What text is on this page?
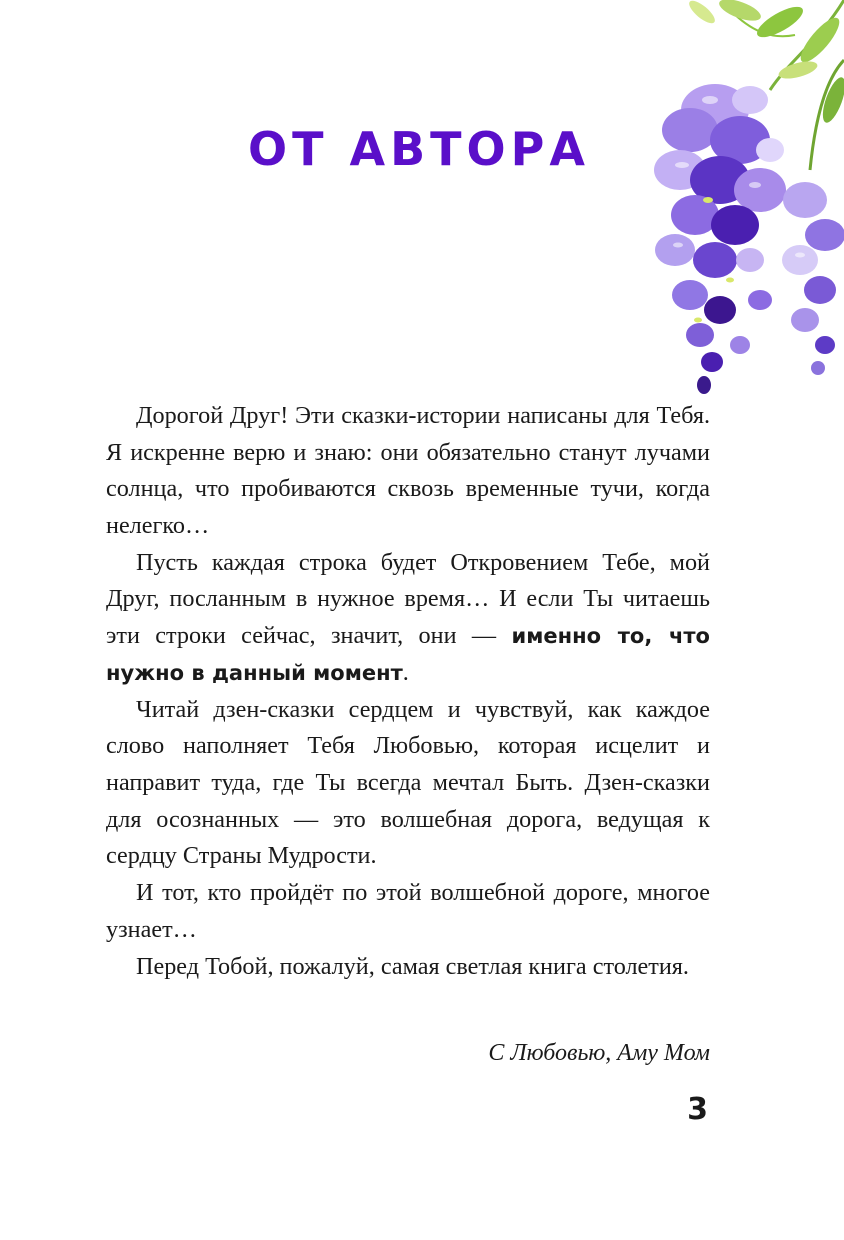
ОТ АВТОРА

Дорогой Друг! Эти сказки-истории написаны для Тебя. Я искренне верю и знаю: они обязательно станут лучами солнца, что пробиваются сквозь временные тучи, когда нелегко…

Пусть каждая строка будет Откровением Тебе, мой Друг, посланным в нужное время… И если Ты читаешь эти строки сейчас, значит, они — именно то, что нужно в данный момент.

Читай дзен-сказки сердцем и чувствуй, как каждое слово наполняет Тебя Любовью, которая исцелит и направит туда, где Ты всегда мечтал Быть. Дзен-сказки для осознанных — это волшебная дорога, ведущая к сердцу Страны Мудрости.

И тот, кто пройдёт по этой волшебной дороге, многое узнает…

Перед Тобой, пожалуй, самая светлая книга столетия.

С Любовью, Аму Мом
3
